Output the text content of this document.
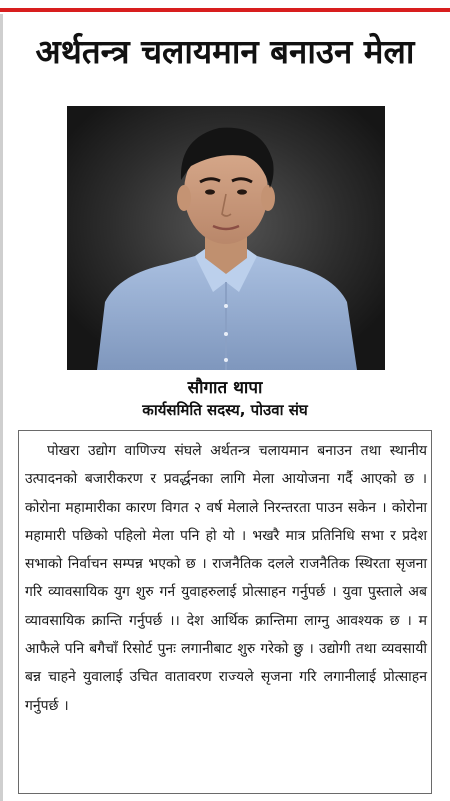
अर्थतन्त्र चलायमान बनाउन मेला
सौगात थापा
कार्यसमिति सदस्य, पोउवा संघ

पोखरा उद्योग वाणिज्य संघले अर्थतन्त्र चलायमान बनाउन तथा स्थानीय उत्पादनको बजारीकरण र प्रवर्द्धनका लागि मेला आयोजना गर्दै आएको छ । कोरोना महामारीका कारण विगत २ वर्ष मेलाले निरन्तरता पाउन सकेन । कोरोना महामारी पछिको पहिलो मेला पनि हो यो । भखरै मात्र प्रतिनिधि सभा र प्रदेश सभाको निर्वाचन सम्पन्न भएको छ । राजनैतिक दलले राजनैतिक स्थिरता सृजना गरि व्यावसायिक युग शुरु गर्न युवाहरुलाई प्रोत्साहन गर्नुपर्छ । युवा पुस्ताले अब व्यावसायिक क्रान्ति गर्नुपर्छ ।। देश आर्थिक क्रान्तिमा लाग्नु आवश्यक छ । म आफैले पनि बगैचाँ रिसोर्ट पुनः लगानीबाट शुरु गरेको छु । उद्योगी तथा व्यवसायी बन्न चाहने युवालाई उचित वातावरण राज्यले सृजना गरि लगानीलाई प्रोत्साहन गर्नुपर्छ ।
